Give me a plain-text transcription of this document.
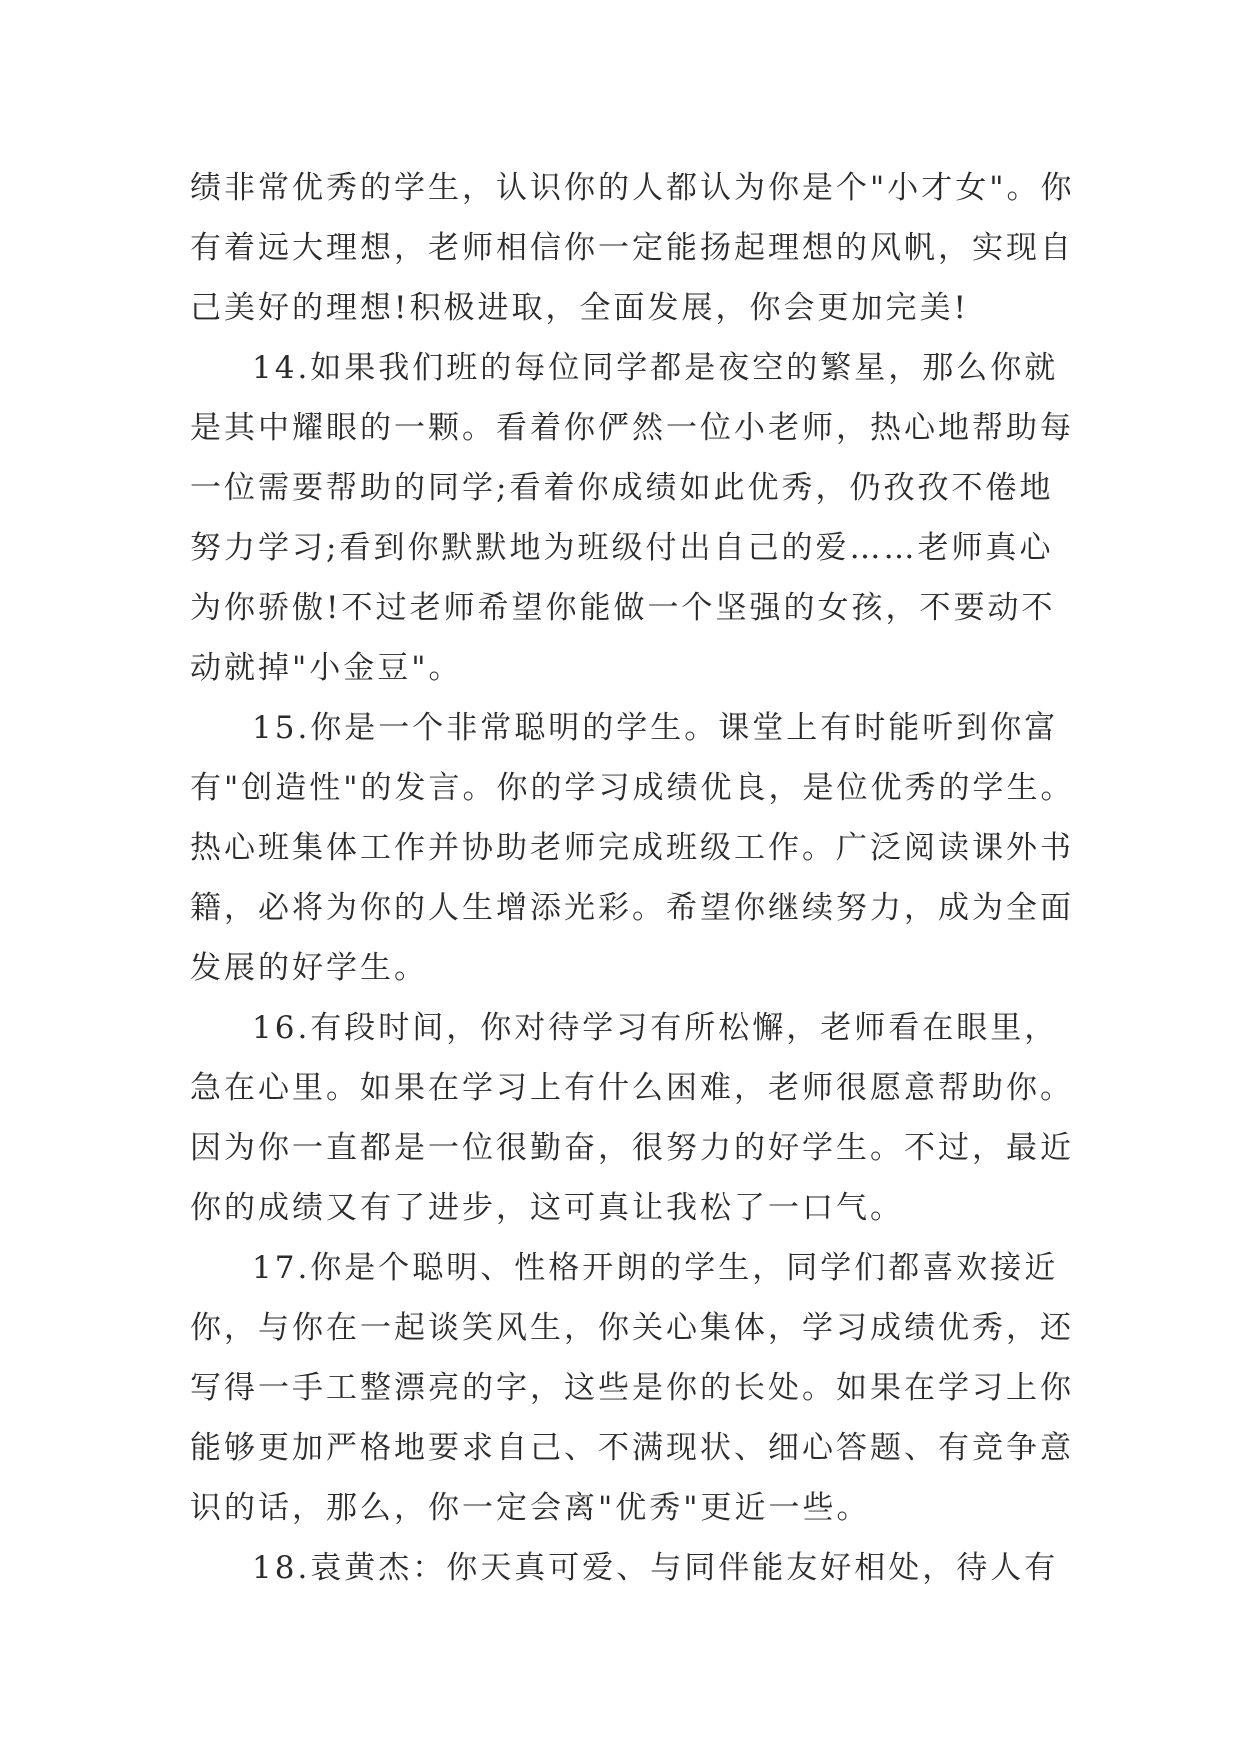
绩非常优秀的学生，认识你的人都认为你是个"小才女"。你
有着远大理想，老师相信你一定能扬起理想的风帆，实现自
己美好的理想!积极进取，全面发展，你会更加完美!
14.如果我们班的每位同学都是夜空的繁星，那么你就
是其中耀眼的一颗。看着你俨然一位小老师，热心地帮助每
一位需要帮助的同学;看着你成绩如此优秀，仍孜孜不倦地
努力学习;看到你默默地为班级付出自己的爱……老师真心
为你骄傲!不过老师希望你能做一个坚强的女孩，不要动不
动就掉"小金豆"。
15.你是一个非常聪明的学生。课堂上有时能听到你富
有"创造性"的发言。你的学习成绩优良，是位优秀的学生。
热心班集体工作并协助老师完成班级工作。广泛阅读课外书
籍，必将为你的人生增添光彩。希望你继续努力，成为全面
发展的好学生。
16.有段时间，你对待学习有所松懈，老师看在眼里，
急在心里。如果在学习上有什么困难，老师很愿意帮助你。
因为你一直都是一位很勤奋，很努力的好学生。不过，最近
你的成绩又有了进步，这可真让我松了一口气。
17.你是个聪明、性格开朗的学生，同学们都喜欢接近
你，与你在一起谈笑风生，你关心集体，学习成绩优秀，还
写得一手工整漂亮的字，这些是你的长处。如果在学习上你
能够更加严格地要求自己、不满现状、细心答题、有竞争意
识的话，那么，你一定会离"优秀"更近一些。
18.袁黄杰：你天真可爱、与同伴能友好相处，待人有
